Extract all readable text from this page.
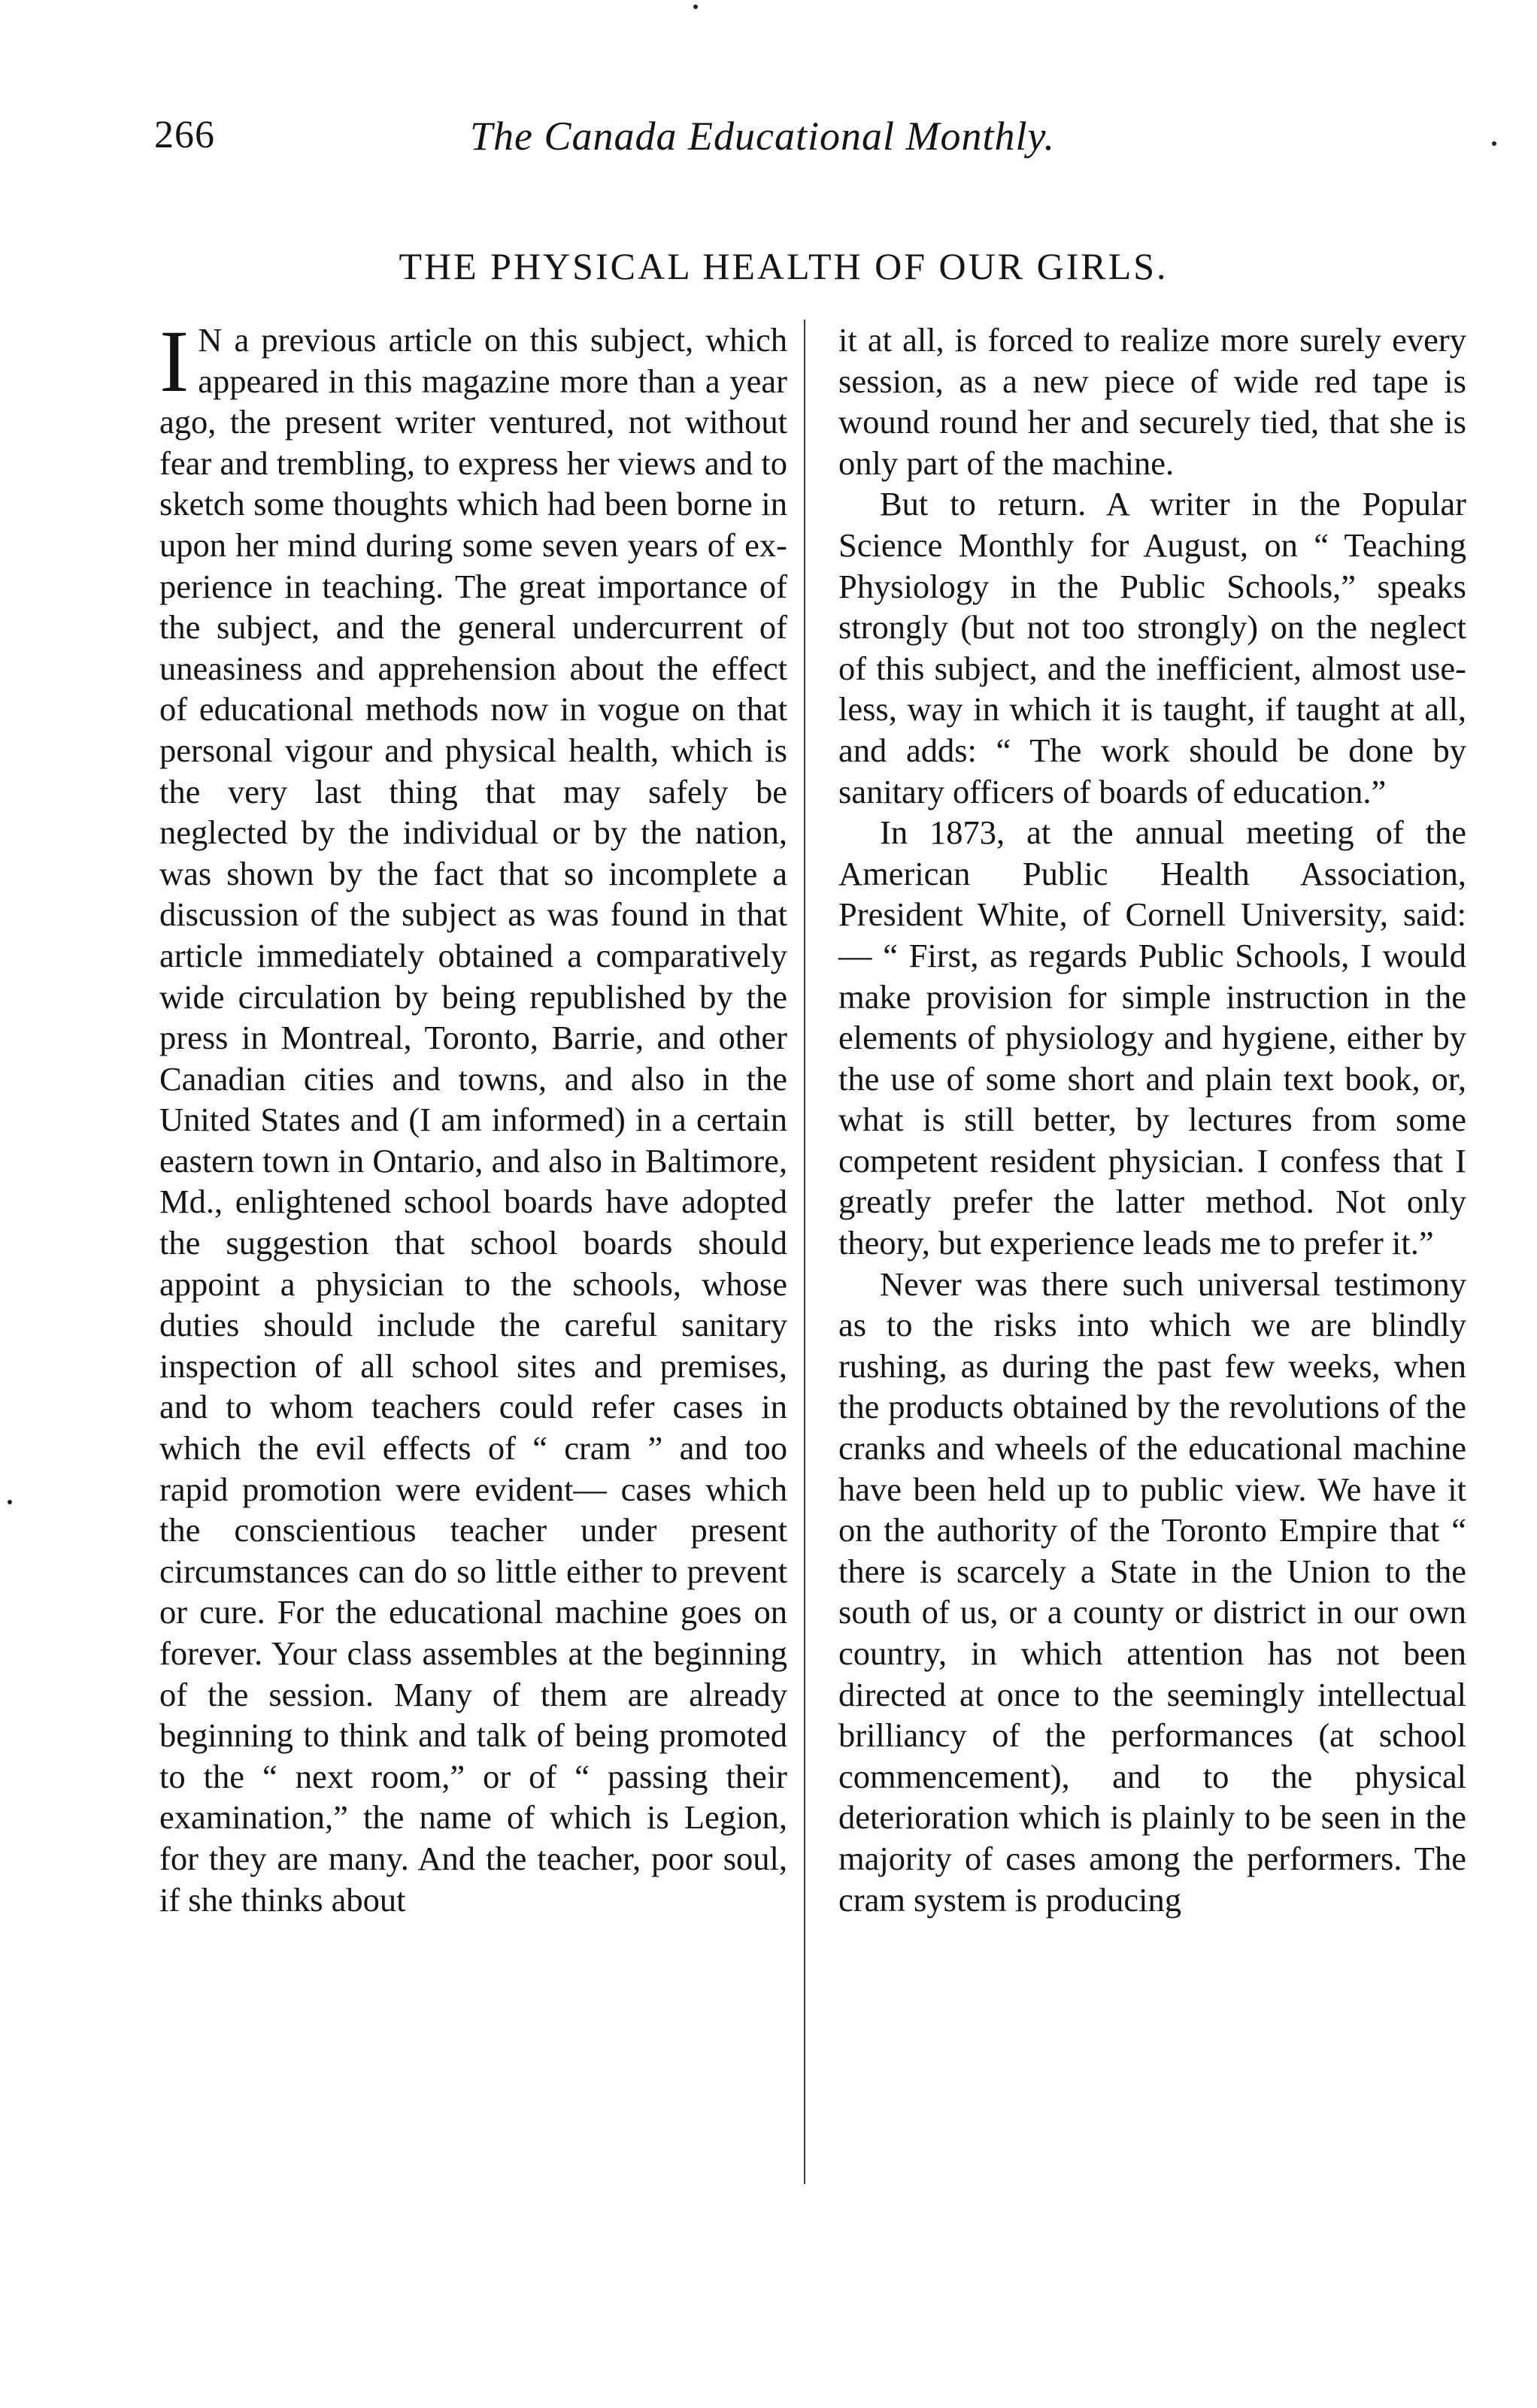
266	The Canada Educational Monthly.
THE PHYSICAL HEALTH OF OUR GIRLS.
I N a previous article on this subject, which appeared in this magazine more than a year ago, the present writer ventured, not without fear and trembling, to express her views and to sketch some thoughts which had been borne in upon her mind during some seven years of experience in teaching. The great importance of the subject, and the general undercurrent of uneasiness and apprehension about the effect of educational methods now in vogue on that personal vigour and physical health, which is the very last thing that may safely be neglected by the individual or by the nation, was shown by the fact that so incomplete a discussion of the subject as was found in that article immediately obtained a comparatively wide circulation by being republished by the press in Montreal, Toronto, Barrie, and other Canadian cities and towns, and also in the United States and (I am informed) in a certain eastern town in Ontario, and also in Baltimore, Md., enlightened school boards have adopted the suggestion that school boards should appoint a physician to the schools, whose duties should include the careful sanitary inspection of all school sites and premises, and to whom teachers could refer cases in which the evil effects of “ cram ” and too rapid promotion were evident— cases which the conscientious teacher under present circumstances can do so little either to prevent or cure. For the educational machine goes on forever. Your class assembles at the beginning of the session. Many of them are already beginning to think and talk of being promoted to the “ next room,” or of “ passing their examination,” the name of which is Legion, for they are many. And the teacher, poor soul, if she thinks about

it at all, is forced to realize more surely every session, as a new piece of wide red tape is wound round her and securely tied, that she is only part of the machine.

But to return. A writer in the Popular Science Monthly for August, on “ Teaching Physiology in the Public Schools,” speaks strongly (but not too strongly) on the neglect of this subject, and the inefficient, almost useless, way in which it is taught, if taught at all, and adds: “ The work should be done by sanitary officers of boards of education.”

In 1873, at the annual meeting of the American Public Health Association, President White, of Cornell University, said:— “ First, as regards Public Schools, I would make provision for simple instruction in the elements of physiology and hygiene, either by the use of some short and plain text book, or, what is still better, by lectures from some competent resident physician. I confess that I greatly prefer the latter method. Not only theory, but experience leads me to prefer it.”

Never was there such universal testimony as to the risks into which we are blindly rushing, as during the past few weeks, when the products obtained by the revolutions of the cranks and wheels of the educational machine have been held up to public view. We have it on the authority of the Toronto Empire that “ there is scarcely a State in the Union to the south of us, or a county or district in our own country, in which attention has not been directed at once to the seemingly intellectual brilliancy of the performances (at school commencement), and to the physical deterioration which is plainly to be seen in the majority of cases among the performers. The cram system is producing
